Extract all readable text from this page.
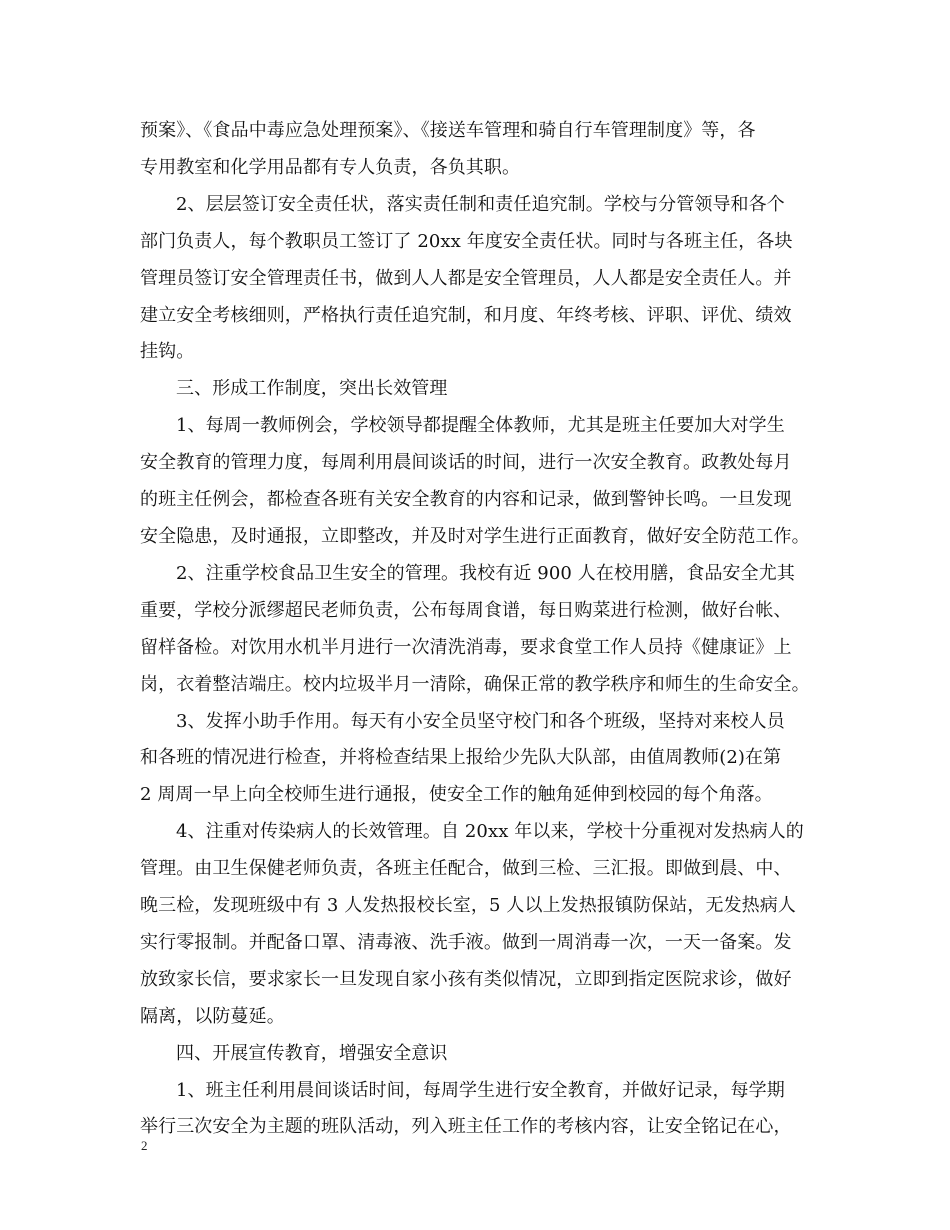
预案》、《食品中毒应急处理预案》、《接送车管理和骑自行车管理制度》等，各
专用教室和化学用品都有专人负责，各负其职。

2、层层签订安全责任状，落实责任制和责任追究制。学校与分管领导和各个
部门负责人，每个教职员工签订了 20xx 年度安全责任状。同时与各班主任，各块
管理员签订安全管理责任书，做到人人都是安全管理员，人人都是安全责任人。并
建立安全考核细则，严格执行责任追究制，和月度、年终考核、评职、评优、绩效
挂钩。

三、形成工作制度，突出长效管理

1、每周一教师例会，学校领导都提醒全体教师，尤其是班主任要加大对学生
安全教育的管理力度，每周利用晨间谈话的时间，进行一次安全教育。政教处每月
的班主任例会，都检查各班有关安全教育的内容和记录，做到警钟长鸣。一旦发现
安全隐患，及时通报，立即整改，并及时对学生进行正面教育，做好安全防范工作。

2、注重学校食品卫生安全的管理。我校有近 900 人在校用膳，食品安全尤其
重要，学校分派缪超民老师负责，公布每周食谱，每日购菜进行检测，做好台帐、
留样备检。对饮用水机半月进行一次清洗消毒，要求食堂工作人员持《健康证》上
岗，衣着整洁端庄。校内垃圾半月一清除，确保正常的教学秩序和师生的生命安全。

3、发挥小助手作用。每天有小安全员坚守校门和各个班级，坚持对来校人员
和各班的情况进行检查，并将检查结果上报给少先队大队部，由值周教师(2)在第
2 周周一早上向全校师生进行通报，使安全工作的触角延伸到校园的每个角落。

4、注重对传染病人的长效管理。自 20xx 年以来，学校十分重视对发热病人的
管理。由卫生保健老师负责，各班主任配合，做到三检、三汇报。即做到晨、中、
晚三检，发现班级中有 3 人发热报校长室，5 人以上发热报镇防保站，无发热病人
实行零报制。并配备口罩、清毒液、洗手液。做到一周消毒一次，一天一备案。发
放致家长信，要求家长一旦发现自家小孩有类似情况，立即到指定医院求诊，做好
隔离，以防蔓延。

四、开展宣传教育，增强安全意识

1、班主任利用晨间谈话时间，每周学生进行安全教育，并做好记录，每学期
举行三次安全为主题的班队活动，列入班主任工作的考核内容，让安全铭记在心，

2
